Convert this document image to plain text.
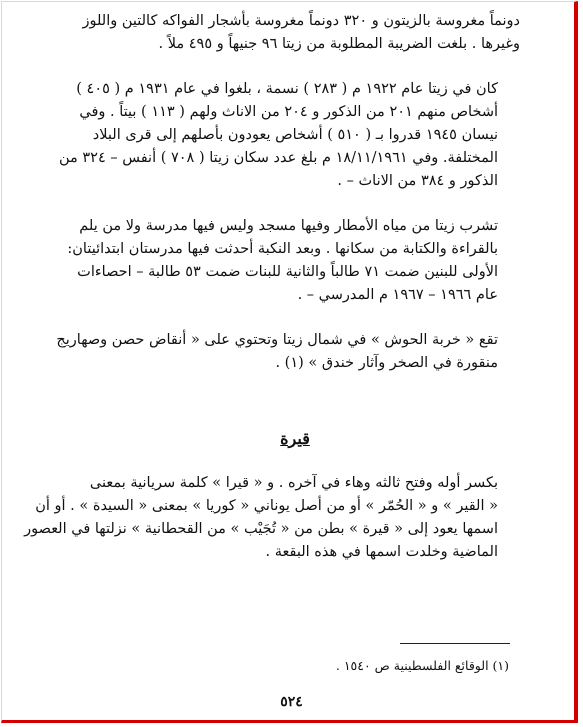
دونماً مغروسة بالزيتون و ٣٢٠ دونماً مغروسة بأشجار الفواكه كالتين واللوز
وغيرها . بلغت الضريبة المطلوبة من زيتا ٩٦ جنيهاً و ٤٩٥ ملاً .

كان في زيتا عام ١٩٢٢ م ( ٢٨٣ ) نسمة ، بلغوا في عام ١٩٣١ م ( ٤٠٥ )
أشخاص منهم ٢٠١ من الذكور و ٢٠٤ من الاناث ولهم ( ١١٣ ) بيتاً . وفي
نيسان ١٩٤٥ قدروا بـ ( ٥١٠ ) أشخاص يعودون بأصلهم إلى قرى البلاد
المختلفة. وفي ١٨/١١/١٩٦١ م بلغ عدد سكان زيتا ( ٧٠٨ ) أنفس – ٣٢٤ من
الذكور و ٣٨٤ من الاناث – .

تشرب زيتا من مياه الأمطار وفيها مسجد وليس فيها مدرسة ولا من يلم
بالقراءة والكتابة من سكانها . وبعد النكبة أحدثت فيها مدرستان ابتدائيتان:
الأولى للبنين ضمت ٧١ طالباً والثانية للبنات ضمت ٥٣ طالبة – احصاءات
عام ١٩٦٦ – ١٩٦٧ م المدرسي – .

تقع « خربة الحوش » في شمال زيتا وتحتوي على « أنقاض حصن وصهاريج
منقورة في الصخر وآثار خندق » (١) .

قيرة

بكسر أوله وفتح ثالثه وهاء في آخره . و « قيرا » كلمة سريانية بمعنى
« القير » و « الحُمّر » أو من أصل يوناني « كوريا » بمعنى « السيدة » . أو أن
اسمها يعود إلى « قيرة » بطن من « تُجَيْب » من القحطانية » نزلتها في العصور
الماضية وخلدت اسمها في هذه البقعة .

(١) الوقائع الفلسطينية ص ١٥٤٠ .
٥٢٤
